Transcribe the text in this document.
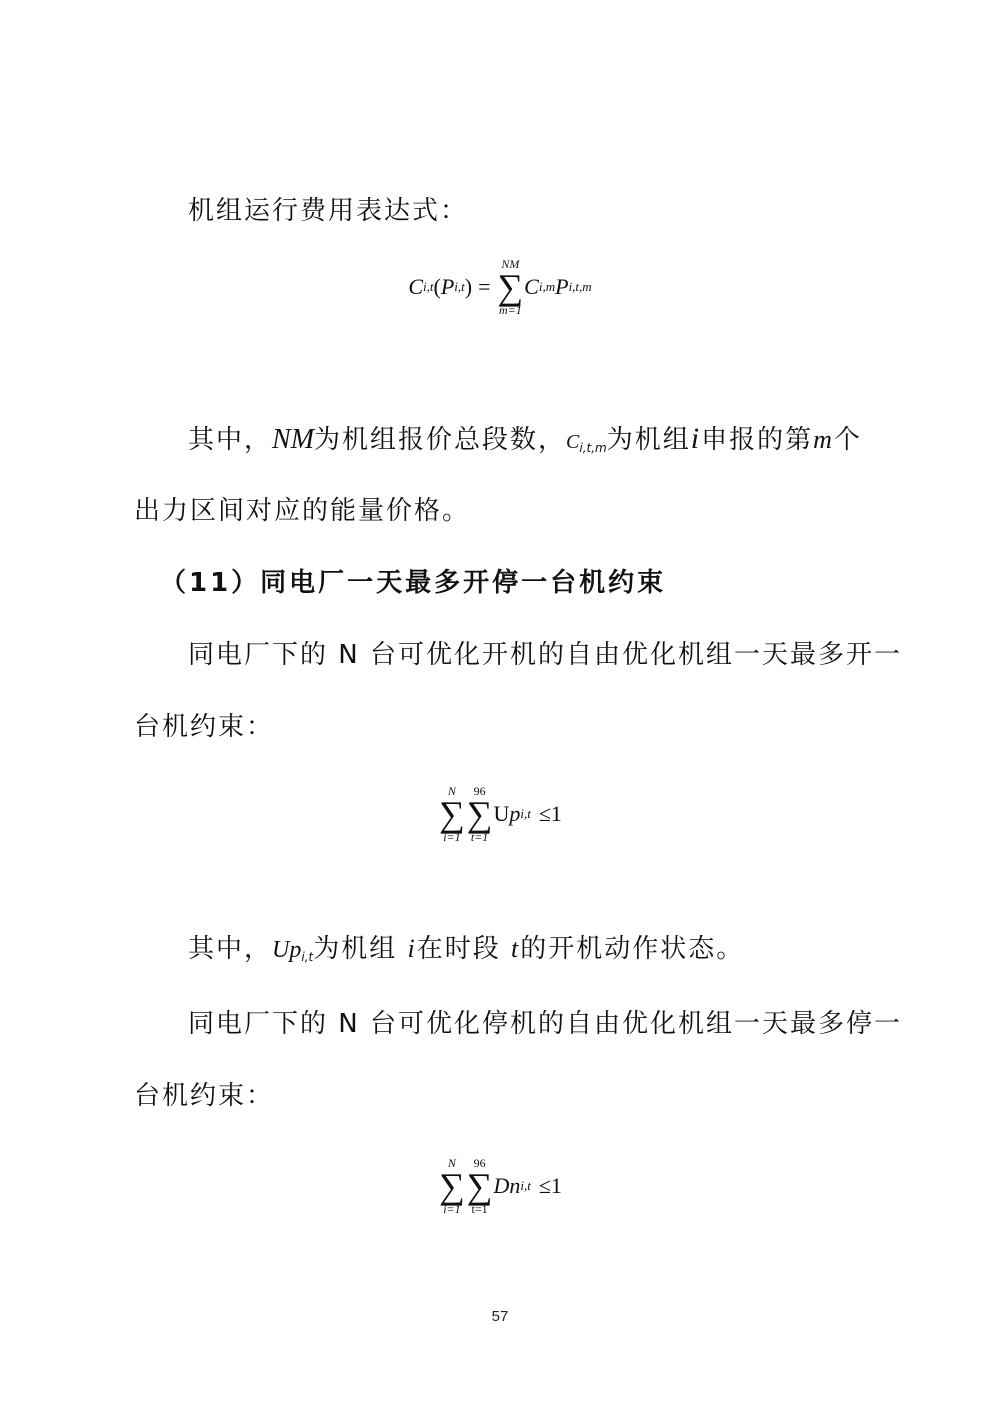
机组运行费用表达式：

C i,t ( P i,t ) =
NM
∑
m=1
C i,m P i,t,m

其中，NM为机组报价总段数，Ci,t,m为机组i申报的第m个

出力区间对应的能量价格。

（11）同电厂一天最多开停一台机约束

同电厂下的 N 台可优化开机的自由优化机组一天最多开一

台机约束：

N
∑
i=1
96
∑
t=1
U p i,t ≤1

其中，Upi,t为机组 i在时段 t的开机动作状态。

同电厂下的 N 台可优化停机的自由优化机组一天最多停一

台机约束：

N
∑
i=1
96
∑
t=1
Dn i,t ≤1
57
